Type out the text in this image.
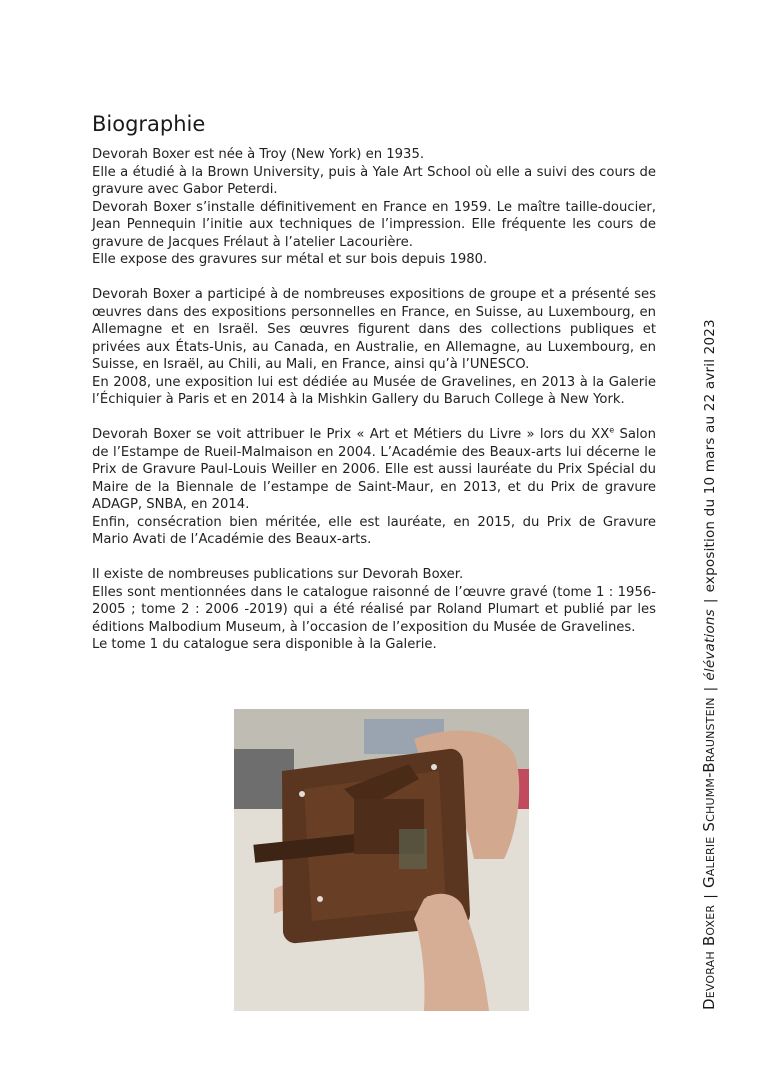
Biographie

Devorah Boxer est née à Troy (New York) en 1935.
Elle a étudié à la Brown University, puis à Yale Art School où elle a suivi des cours de gravure avec Gabor Peterdi.
Devorah Boxer s’installe définitivement en France en 1959. Le maître taille-doucier, Jean Pennequin l’initie aux techniques de l’impression. Elle fréquente les cours de gravure de Jacques Frélaut à l’atelier Lacourière.
Elle expose des gravures sur métal et sur bois depuis 1980.

Devorah Boxer a participé à de nombreuses expositions de groupe et a présenté ses œuvres dans des expositions personnelles en France, en Suisse, au Luxembourg, en Allemagne et en Israël. Ses œuvres figurent dans des collections publiques et privées aux États-Unis, au Canada, en Australie, en Allemagne, au Luxembourg, en Suisse, en Israël, au Chili, au Mali, en France, ainsi qu’à l’UNESCO.
En 2008, une exposition lui est dédiée au Musée de Gravelines, en 2013 à la Galerie l’Échiquier à Paris et en 2014 à la Mishkin Gallery du Baruch College à New York.

Devorah Boxer se voit attribuer le Prix « Art et Métiers du Livre » lors du XXe Salon de l’Estampe de Rueil-Malmaison en 2004. L’Académie des Beaux-arts lui décerne le Prix de Gravure Paul-Louis Weiller en 2006. Elle est aussi lauréate du Prix Spécial du Maire de la Biennale de l’estampe de Saint-Maur, en 2013, et du Prix de gravure ADAGP, SNBA, en 2014.
Enfin, consécration bien méritée, elle est lauréate, en 2015, du Prix de Gravure Mario Avati de l’Académie des Beaux-arts.

Il existe de nombreuses publications sur Devorah Boxer.
Elles sont mentionnées dans le catalogue raisonné de l’œuvre gravé (tome 1 : 1956-2005 ; tome 2 : 2006 -2019) qui a été réalisé par Roland Plumart et publié par les éditions Malbodium Museum, à l’occasion de l’exposition du Musée de Gravelines.
Le tome 1 du catalogue sera disponible à la Galerie.

Devorah Boxer|Galerie Schumm-Braunstein|élévations|exposition du 10 mars au 22 avril 2023
